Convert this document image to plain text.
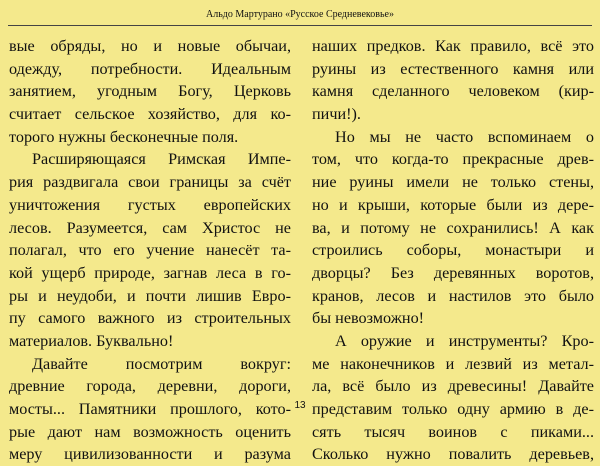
Альдо Мартурано «Русское Средневековье»
вые обряды, но и новые обычаи,
одежду, потребности. Идеальным
занятием, угодным Богу, Церковь
считает сельское хозяйство, для ко-
торого нужны бесконечные поля.
Расширяющаяся Римская Импе-
рия раздвигала свои границы за счёт
уничтожения густых европейских
лесов. Разумеется, сам Христос не
полагал, что его учение нанесёт та-
кой ущерб природе, загнав леса в го-
ры и неудоби, и почти лишив Евро-
пу самого важного из строительных
материалов. Буквально!
Давайте посмотрим вокруг:
древние города, деревни, дороги,
мосты... Памятники прошлого, кото-
рые дают нам возможность оценить
меру цивилизованности и разума
наших предков. Как правило, всё это
руины из естественного камня или
камня сделанного человеком (кир-
пичи!).
Но мы не часто вспоминаем о
том, что когда-то прекрасные древ-
ние руины имели не только стены,
но и крыши, которые были из дере-
ва, и потому не сохранились! А как
строились соборы, монастыри и
дворцы? Без деревянных воротов,
кранов, лесов и настилов это было
бы невозможно!
А оружие и инструменты? Кро-
ме наконечников и лезвий из метал-
ла, всё было из древесины! Давайте
представим только одну армию в де-
сять тысяч воинов с пиками...
Сколько нужно повалить деревьев,
13
